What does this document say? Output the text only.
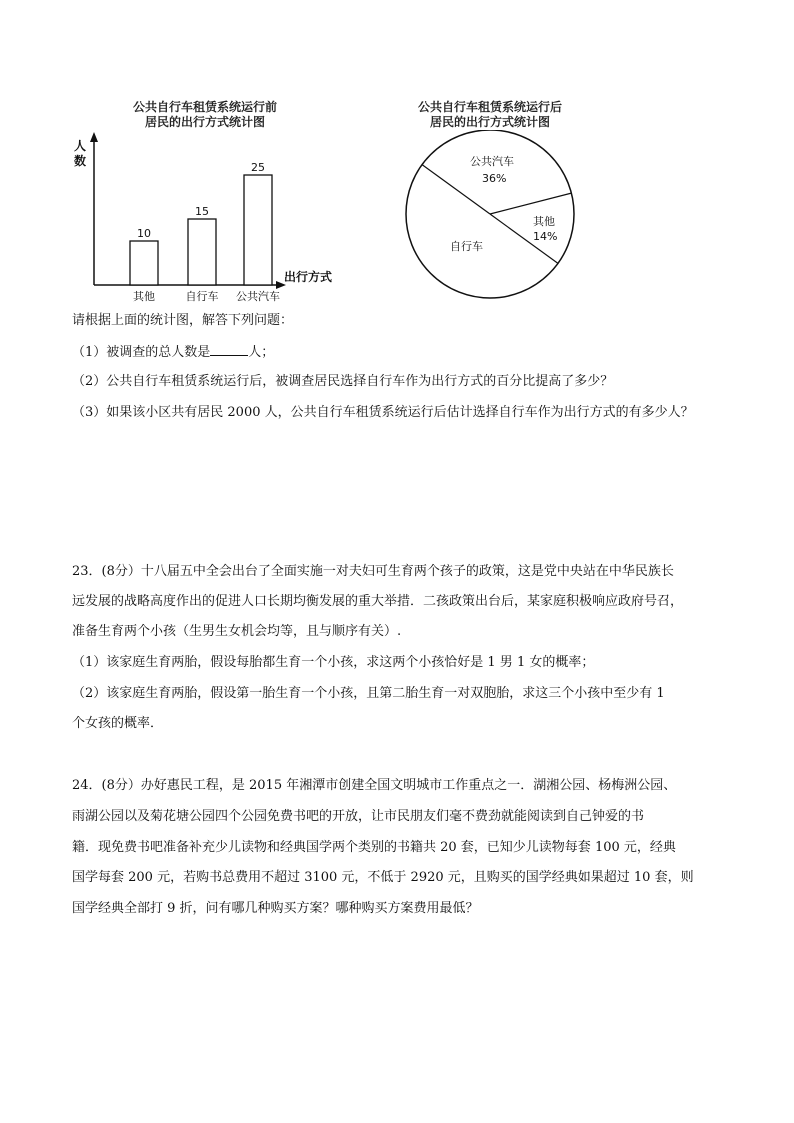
公共自行车租赁系统运行前
居民的出行方式统计图
人
数
出行方式
10
其他
15
自行车
25
公共汽车
公共自行车租赁系统运行后
居民的出行方式统计图
公共汽车
36%
其他
14%
自行车
请根据上面的统计图，解答下列问题：
（1）被调查的总人数是	人；
（2）公共自行车租赁系统运行后，被调查居民选择自行车作为出行方式的百分比提高了多少？
（3）如果该小区共有居民 2000 人，公共自行车租赁系统运行后估计选择自行车作为出行方式的有多少人？
23．(8分）十八届五中全会出台了全面实施一对夫妇可生育两个孩子的政策，这是党中央站在中华民族长
远发展的战略高度作出的促进人口长期均衡发展的重大举措．二孩政策出台后，某家庭积极响应政府号召，
准备生育两个小孩（生男生女机会均等，且与顺序有关）.
（1）该家庭生育两胎，假设每胎都生育一个小孩，求这两个小孩恰好是 1 男 1 女的概率；
（2）该家庭生育两胎，假设第一胎生育一个小孩，且第二胎生育一对双胞胎，求这三个小孩中至少有 1
个女孩的概率．
24．(8分）办好惠民工程，是 2015 年湘潭市创建全国文明城市工作重点之一．湖湘公园、杨梅洲公园、
雨湖公园以及菊花塘公园四个公园免费书吧的开放，让市民朋友们毫不费劲就能阅读到自己钟爱的书
籍．现免费书吧准备补充少儿读物和经典国学两个类别的书籍共 20 套，已知少儿读物每套 100 元，经典
国学每套 200 元，若购书总费用不超过 3100 元，不低于 2920 元，且购买的国学经典如果超过 10 套，则
国学经典全部打 9 折，问有哪几种购买方案？哪种购买方案费用最低？
